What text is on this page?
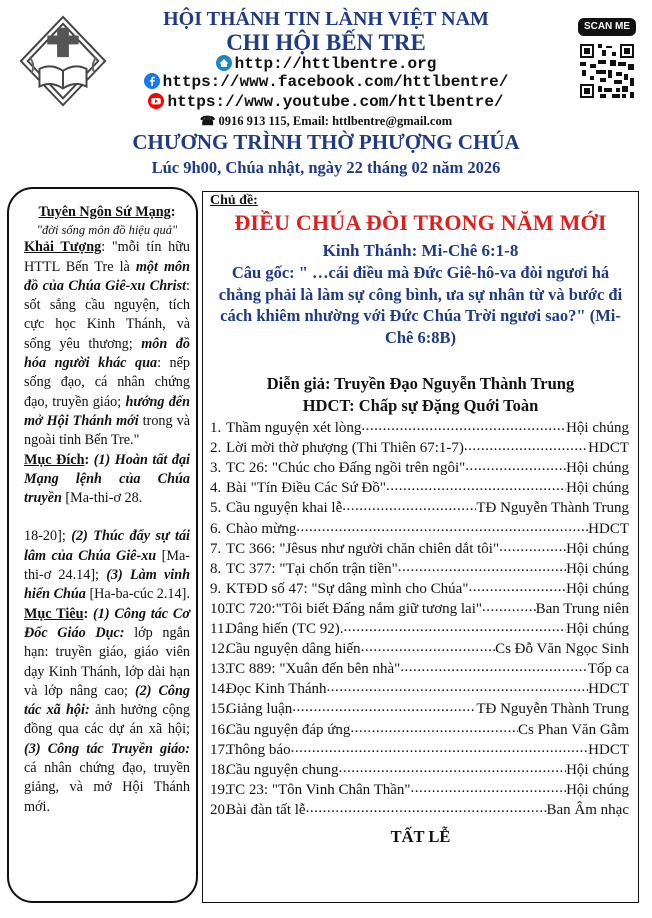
SCAN ME
HỘI THÁNH TIN LÀNH VIỆT NAM
CHI HỘI BẾN TRE
http://httlbentre.org
https://www.facebook.com/httlbentre/
https://www.youtube.com/httlbentre/
☎ 0916 913 115, Email: httlbentre@gmail.com
CHƯƠNG TRÌNH THỜ PHƯỢNG CHÚA
Lúc 9h00, Chúa nhật, ngày 22 tháng 02 năm 2026

Tuyên Ngôn Sứ Mạng:

"đời sống môn đồ hiệu quả"

Khải Tượng: "mỗi tín hữu HTTL Bến Tre là một môn đồ của Chúa Giê-xu Christ: sốt sắng cầu nguyện, tích cực học Kinh Thánh, và sống yêu thương; môn đồ hóa người khác qua: nếp sống đạo, cá nhân chứng đạo, truyền giáo; hướng đến mở Hội Thánh mới trong và ngoài tỉnh Bến Tre."

Mục Đích: (1) Hoàn tất đại Mạng lệnh của Chúa truyền [Ma-thi-ơ 28.

18-20]; (2) Thúc đẩy sự tái lâm của Chúa Giê-xu [Ma-thi-ơ 24.14]; (3) Làm vinh hiển Chúa [Ha-ba-cúc 2.14].

Mục Tiêu: (1) Công tác Cơ Đốc Giáo Dục: lớp ngắn hạn: truyền giáo, giáo viên dạy Kinh Thánh, lớp dài hạn và lớp nâng cao; (2) Công tác xã hội: ảnh hưởng cộng đồng qua các dự án xã hội; (3) Công tác Truyền giáo: cá nhân chứng đạo, truyền giảng, và mở Hội Thánh mới.

Chủ đề:
ĐIỀU CHÚA ĐÒI TRONG NĂM MỚI
Kinh Thánh: Mi-Chê 6:1-8
Câu gốc: " …cái điều mà Đức Giê-hô-va đòi ngươi há chẳng phải là làm sự công bình, ưa sự nhân từ và bước đi cách khiêm nhường với Đức Chúa Trời ngươi sao?" (Mi-Chê 6:8B)
Diễn giả: Truyền Đạo Nguyễn Thành Trung
HDCT: Chấp sự Đặng Quới Toàn
1. Thầm nguyện xét lòng .....	Hội chúng
2. Lời mời thờ phượng (Thi Thiên 67:1-7) .....	HDCT
3. TC 26: "Chúc cho Đấng ngồi trên ngôi" .....	Hội chúng
4. Bài "Tín Điều Các Sứ Đồ" .....	Hội chúng
5. Cầu nguyện khai lễ .....	TĐ Nguyễn Thành Trung
6. Chào mừng .....	HDCT
7. TC 366: "Jêsus như người chăn chiên dắt tôi" .....	Hội chúng
8. TC 377: "Tại chốn trận tiền" .....	Hội chúng
9. KTĐD số 47: "Sự dâng mình cho Chúa" .....	Hội chúng
10.
TC 720:"Tôi biết Đấng nắm giữ tương lai" .....	Ban Trung niên
11.
Dâng hiến (TC 92). .....	Hội chúng
12.
Cầu nguyện dâng hiến .....	Cs Đỗ Văn Ngọc Sinh
13.
TC 889: "Xuân đến bên nhà" .....	Tốp ca
14.
Đọc Kinh Thánh .....	HDCT
15.
Giảng luận .....	TĐ Nguyễn Thành Trung
16.
Cầu nguyện đáp ứng .....	Cs Phan Văn Gẫm
17.
Thông báo .....	HDCT
18.
Cầu nguyện chung .....	Hội chúng
19.
TC 23: "Tôn Vinh Chân Thần" .....	Hội chúng
20.
Bài đàn tất lễ .....	Ban Âm nhạc
TẤT LỄ
